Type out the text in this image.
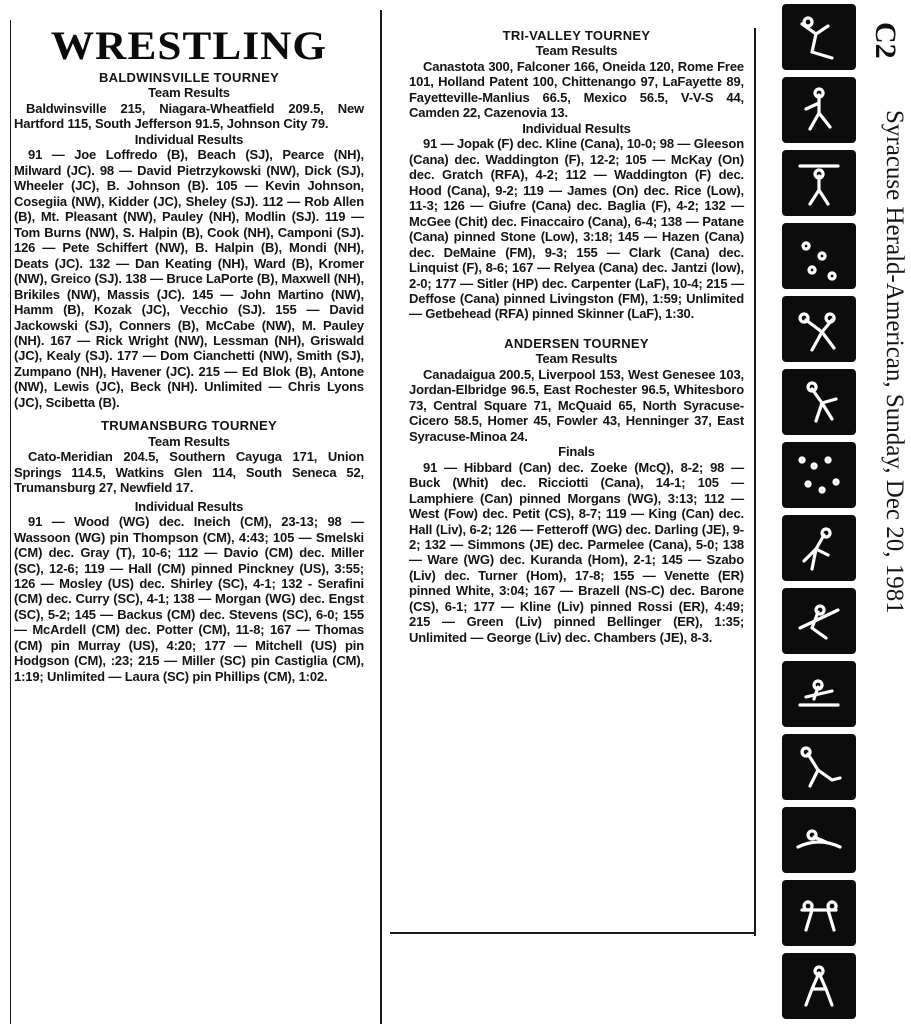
WRESTLING
BALDWINSVILLE TOURNEY
Team Results

Baldwinsville 215, Niagara-Wheatfield 209.5, New Hartford 115, South Jefferson 91.5, Johnson City 79.

Individual Results

91 — Joe Loffredo (B), Beach (SJ), Pearce (NH), Milward (JC). 98 — David Pietrzykowski (NW), Dick (SJ), Wheeler (JC), B. Johnson (B). 105 — Kevin Johnson, Cosegiia (NW), Kidder (JC), Sheley (SJ). 112 — Rob Allen (B), Mt. Pleasant (NW), Pauley (NH), Modlin (SJ). 119 — Tom Burns (NW), S. Halpin (B), Cook (NH), Camponi (SJ). 126 — Pete Schiffert (NW), B. Halpin (B), Mondi (NH), Deats (JC). 132 — Dan Keating (NH), Ward (B), Kromer (NW), Greico (SJ). 138 — Bruce LaPorte (B), Maxwell (NH), Brikiles (NW), Massis (JC). 145 — John Martino (NW), Hamm (B), Kozak (JC), Vecchio (SJ). 155 — David Jackowski (SJ), Conners (B), McCabe (NW), M. Pauley (NH). 167 — Rick Wright (NW), Lessman (NH), Griswald (JC), Kealy (SJ). 177 — Dom Cianchetti (NW), Smith (SJ), Zumpano (NH), Havener (JC). 215 — Ed Blok (B), Antone (NW), Lewis (JC), Beck (NH). Unlimited — Chris Lyons (JC), Scibetta (B).

TRUMANSBURG TOURNEY
Team Results

Cato-Meridian 204.5, Southern Cayuga 171, Union Springs 114.5, Watkins Glen 114, South Seneca 52, Trumansburg 27, Newfield 17.

Individual Results

91 — Wood (WG) dec. Ineich (CM), 23-13; 98 — Wassoon (WG) pin Thompson (CM), 4:43; 105 — Smelski (CM) dec. Gray (T), 10-6; 112 — Davio (CM) dec. Miller (SC), 12-6; 119 — Hall (CM) pinned Pinckney (US), 3:55; 126 — Mosley (US) dec. Shirley (SC), 4-1; 132 - Serafini (CM) dec. Curry (SC), 4-1; 138 — Morgan (WG) dec. Engst (SC), 5-2; 145 — Backus (CM) dec. Stevens (SC), 6-0; 155 — McArdell (CM) dec. Potter (CM), 11-8; 167 — Thomas (CM) pin Murray (US), 4:20; 177 — Mitchell (US) pin Hodgson (CM), :23; 215 — Miller (SC) pin Castiglia (CM), 1:19; Unlimited — Laura (SC) pin Phillips (CM), 1:02.

TRI-VALLEY TOURNEY
Team Results

Canastota 300, Falconer 166, Oneida 120, Rome Free 101, Holland Patent 100, Chittenango 97, LaFayette 89, Fayetteville-Manlius 66.5, Mexico 56.5, V-V-S 44, Camden 22, Cazenovia 13.

Individual Results

91 — Jopak (F) dec. Kline (Cana), 10-0; 98 — Gleeson (Cana) dec. Waddington (F), 12-2; 105 — McKay (On) dec. Gratch (RFA), 4-2; 112 — Waddington (F) dec. Hood (Cana), 9-2; 119 — James (On) dec. Rice (Low), 11-3; 126 — Giufre (Cana) dec. Baglia (F), 4-2; 132 — McGee (Chit) dec. Finaccairo (Cana), 6-4; 138 — Patane (Cana) pinned Stone (Low), 3:18; 145 — Hazen (Cana) dec. DeMaine (FM), 9-3; 155 — Clark (Cana) dec. Linquist (F), 8-6; 167 — Relyea (Cana) dec. Jantzi (low), 2-0; 177 — Sitler (HP) dec. Carpenter (LaF), 10-4; 215 — Deffose (Cana) pinned Livingston (FM), 1:59; Unlimited — Getbehead (RFA) pinned Skinner (LaF), 1:30.

ANDERSEN TOURNEY
Team Results

Canadaigua 200.5, Liverpool 153, West Genesee 103, Jordan-Elbridge 96.5, East Rochester 96.5, Whitesboro 73, Central Square 71, McQuaid 65, North Syracuse-Cicero 58.5, Homer 45, Fowler 43, Henninger 37, East Syracuse-Minoa 24.

Finals

91 — Hibbard (Can) dec. Zoeke (McQ), 8-2; 98 — Buck (Whit) dec. Ricciotti (Cana), 14-1; 105 — Lamphiere (Can) pinned Morgans (WG), 3:13; 112 — West (Fow) dec. Petit (CS), 8-7; 119 — King (Can) dec. Hall (Liv), 6-2; 126 — Fetteroff (WG) dec. Darling (JE), 9-2; 132 — Simmons (JE) dec. Parmelee (Cana), 5-0; 138 — Ware (WG) dec. Kuranda (Hom), 2-1; 145 — Szabo (Liv) dec. Turner (Hom), 17-8; 155 — Venette (ER) pinned White, 3:04; 167 — Brazell (NS-C) dec. Barone (CS), 6-1; 177 — Kline (Liv) pinned Rossi (ER), 4:49; 215 — Green (Liv) pinned Bellinger (ER), 1:35; Unlimited — George (Liv) dec. Chambers (JE), 8-3.

C2
Syracuse Herald-American, Sunday, Dec 20, 1981
